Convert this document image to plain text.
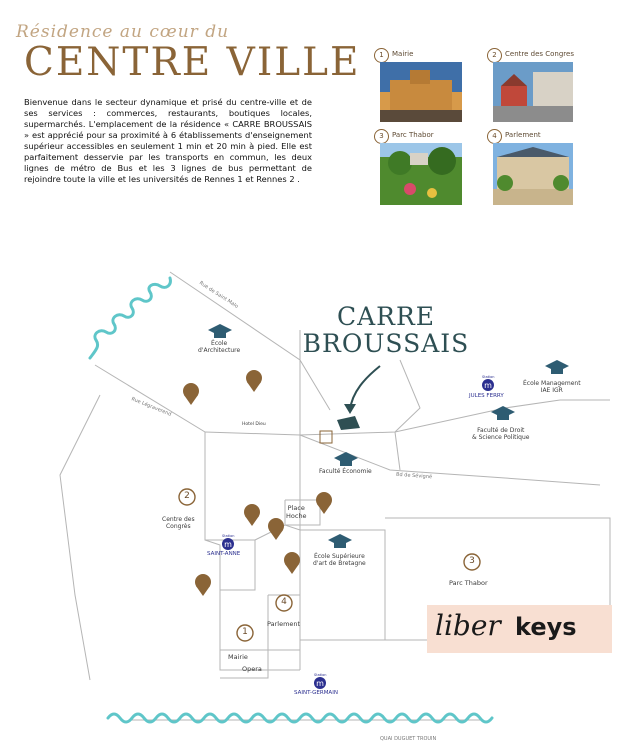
Résidence au cœur du
CENTRE VILLE
Bienvenue dans le secteur dynamique et prisé du centre-ville et de ses services : commerces, restaurants, boutiques locales, supermarchés. L'emplacement de la résidence « CARRE BROUSSAIS » est apprécié pour sa proximité à 6 établissements d'enseignement supérieur accessibles en seulement 1 min et 20 min à pied. Elle est parfaitement desservie par les transports en commun, les deux lignes de métro de Bus et les 3 lignes de bus permettant de rejoindre toute la ville et les universités de Rennes 1 et Rennes 2 .
1	Mairie	2	Centre des Congres
3	Parc Thabor	4	Parlement
m
m
m
2
3
4
1
CARRE
BROUSSAIS
École
d'Architecture
École Management
IAE IGR
Faculté de Droit
& Science Politique
Faculté Économie
École Supérieure
d'art de Bretagne
Centre des
Congrès
Place
Hoche
Parc Thabor
Parlement
Mairie
Opera
Hotel Dieu
Station
JULES FERRY
Station
SAINT-ANNE
Station
SAINT-GERMAIN
Rue de Saint Malo
Rue Légraverend
Bd de Sévigné
QUAI DUGUET TROUIN
liber keys
